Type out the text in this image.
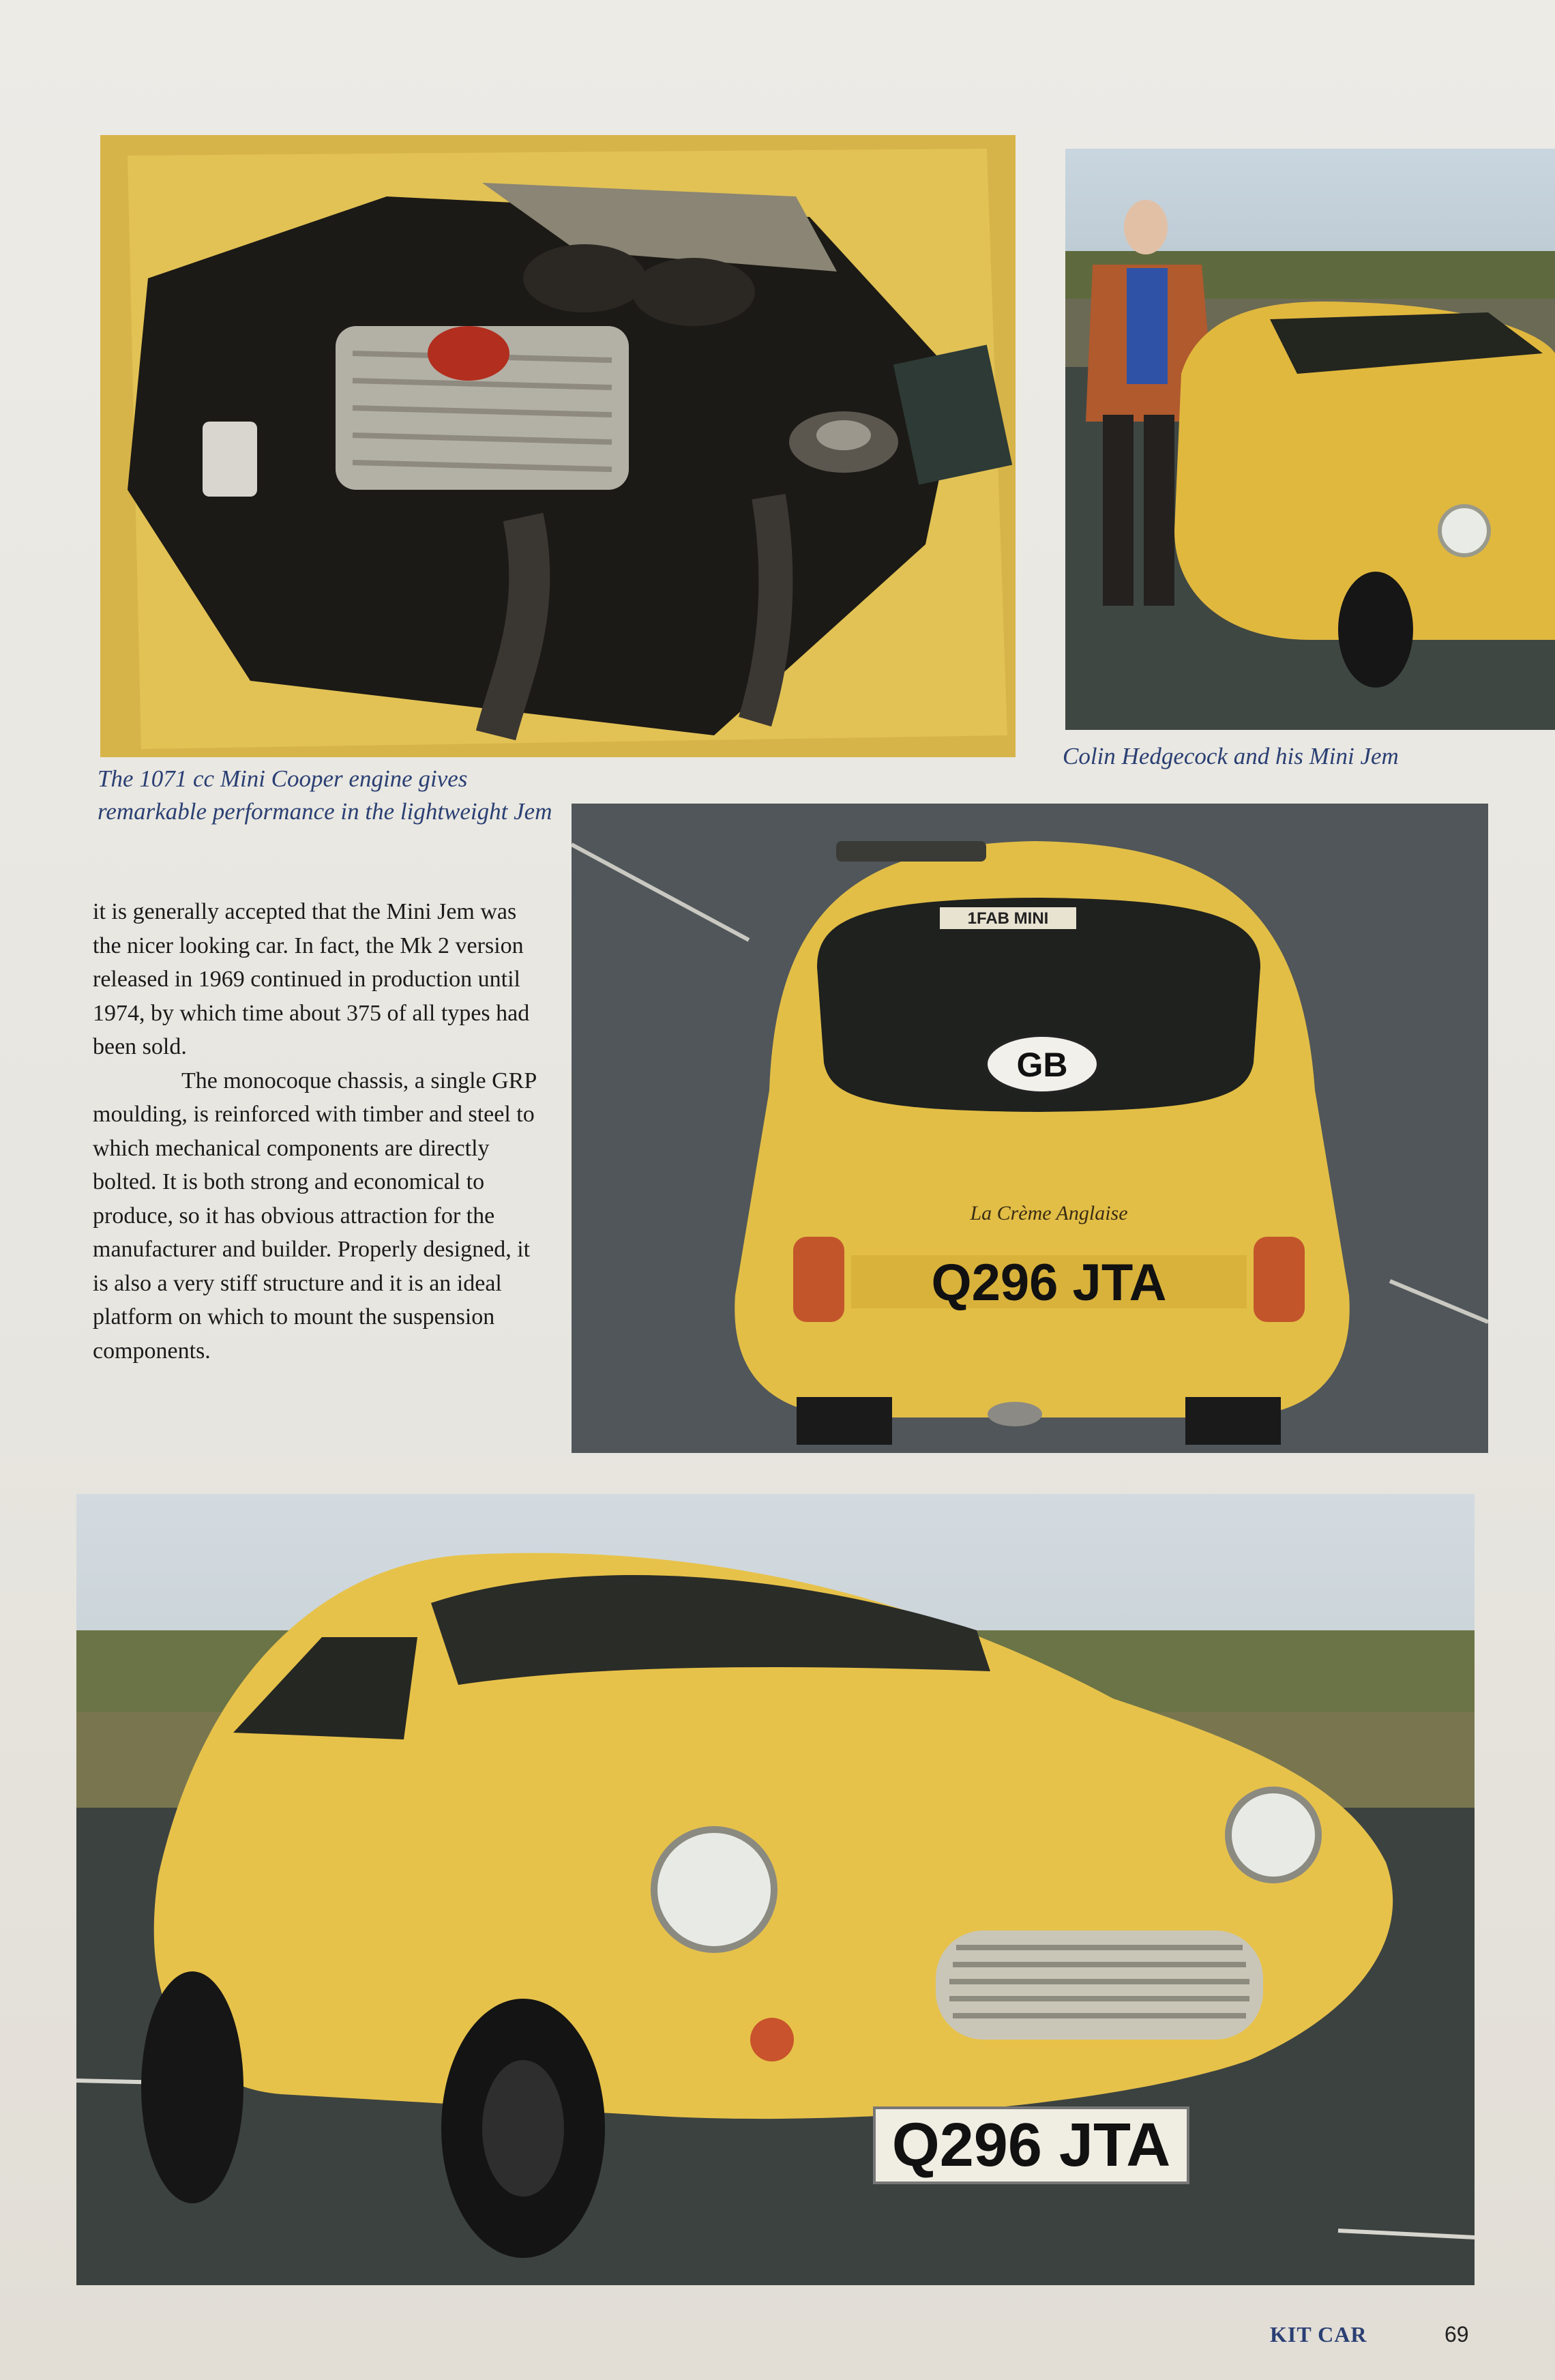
1FAB MINI
GB
La Crème Anglaise
Q296 JTA

it is generally accepted that the Mini Jem was the nicer looking car. In fact, the Mk 2 version released in 1969 continued in production until 1974, by which time about 375 of all types had been sold.

The monocoque chassis, a single GRP moulding, is reinforced with timber and steel to which mechanical components are directly bolted. It is both strong and economical to produce, so it has obvious attraction for the manufacturer and builder. Properly designed, it is also a very stiff structure and it is an ideal platform on which to mount the suspension components.

Q296 JTA
The 1071 cc Mini Cooper engine gives remarkable performance in the lightweight Jem
Colin Hedgecock and his Mini Jem
KIT CAR	69
